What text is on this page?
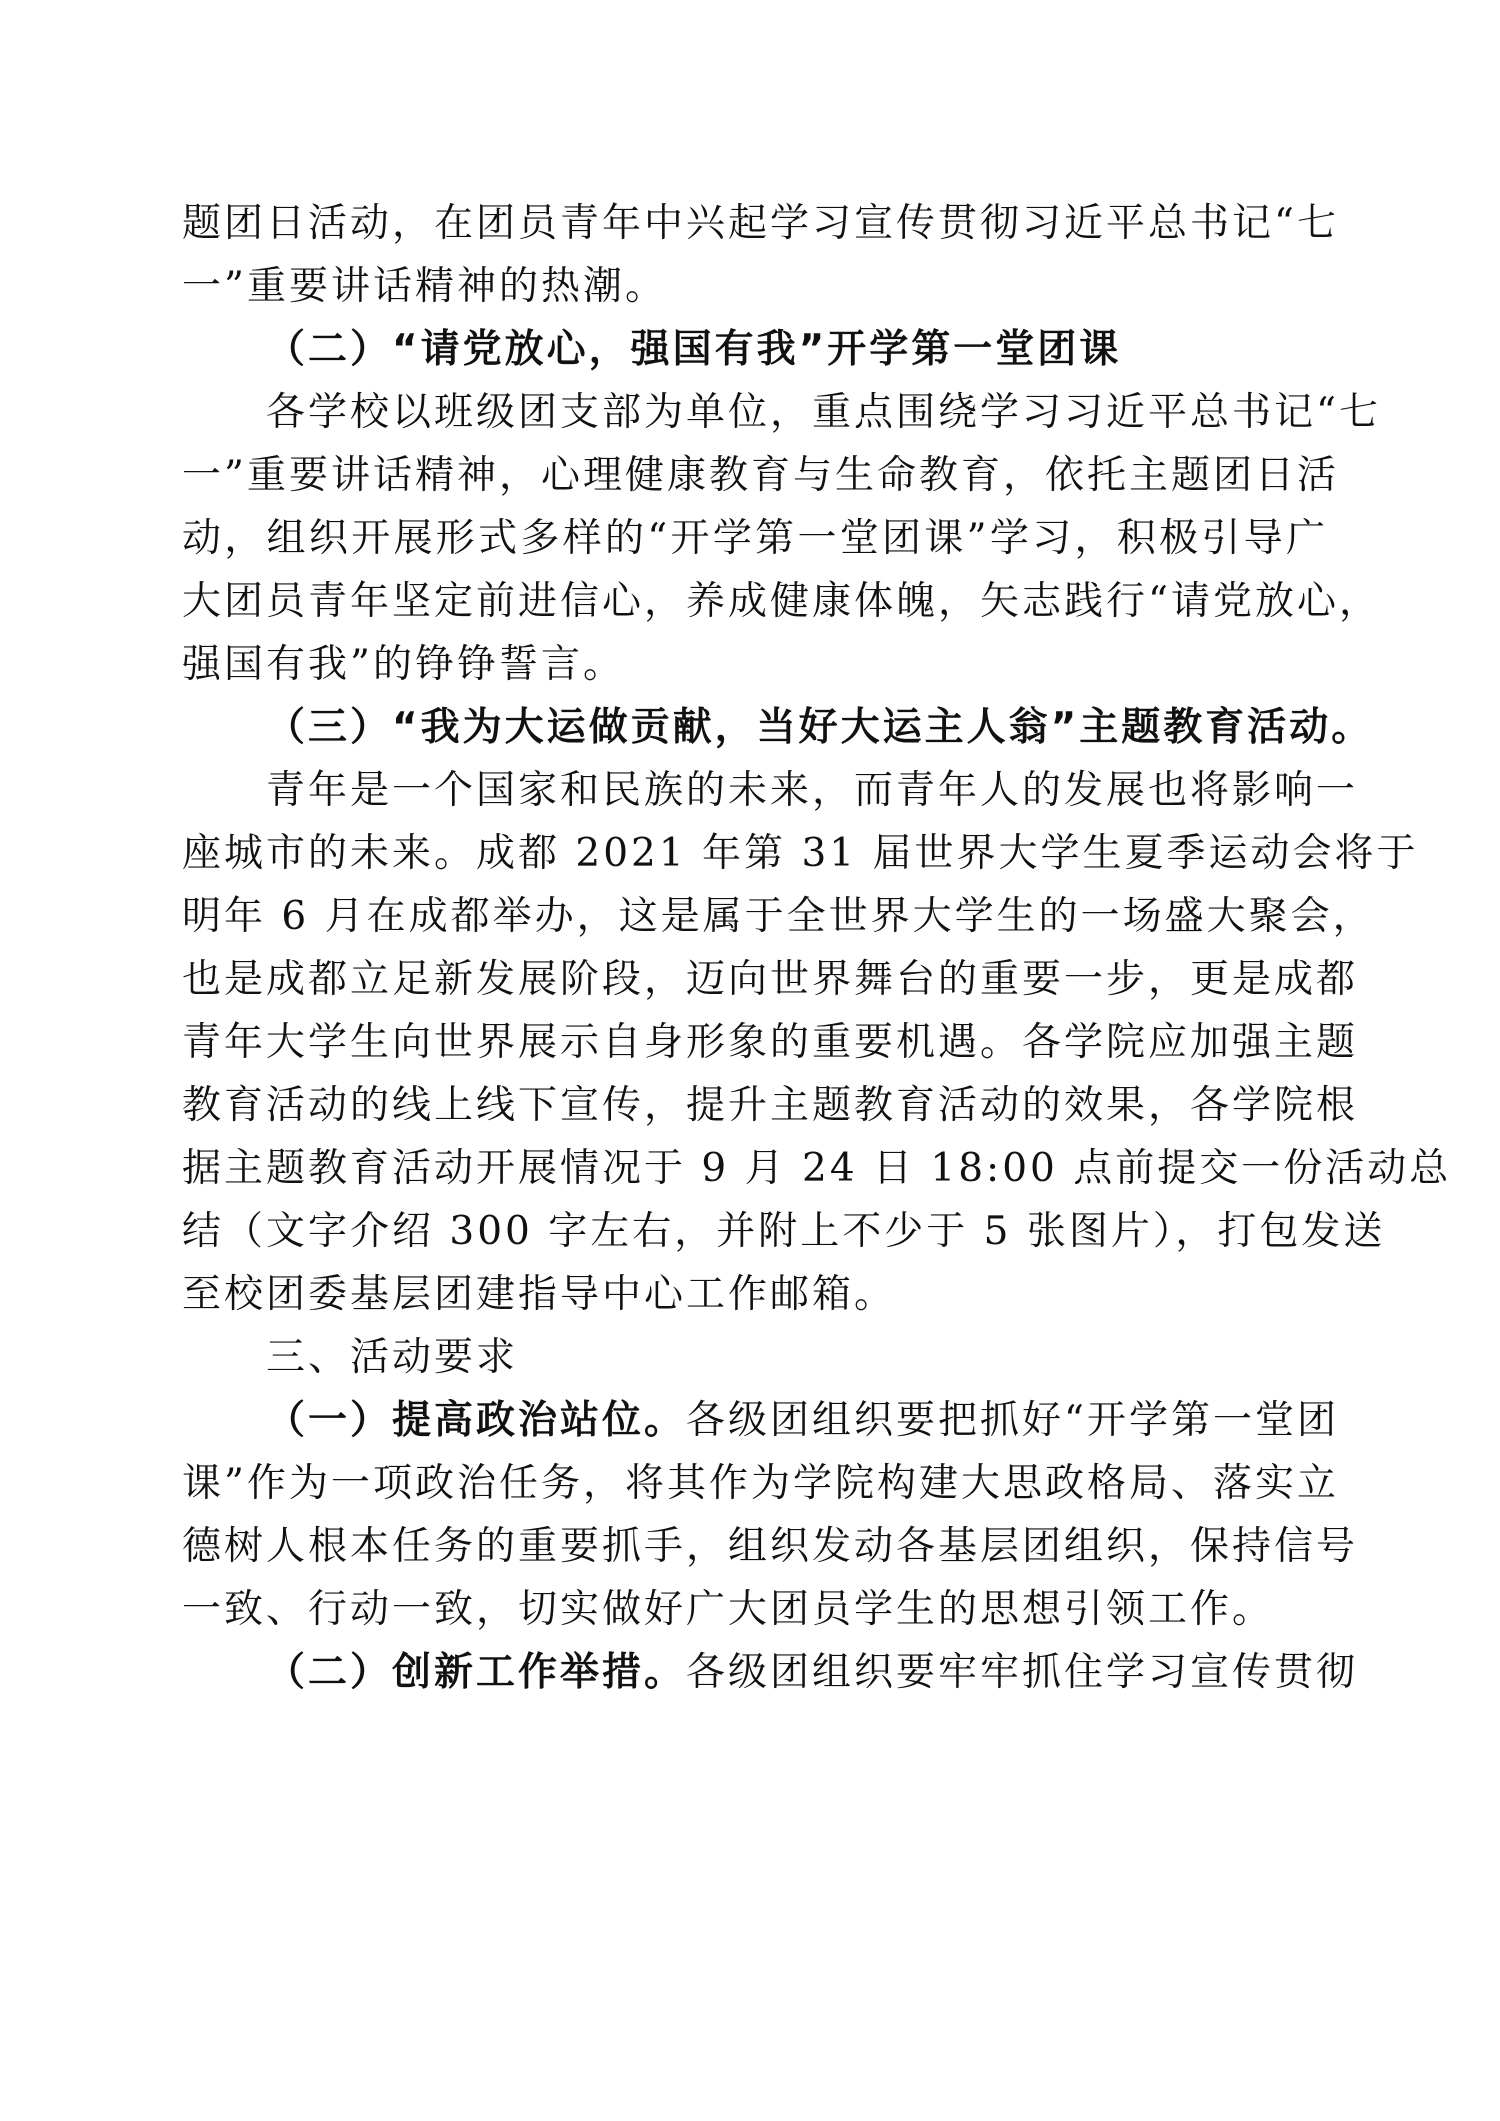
题团日活动，在团员青年中兴起学习宣传贯彻习近平总书记“七
一”重要讲话精神的热潮。
（二）“请党放心，强国有我”开学第一堂团课
各学校以班级团支部为单位，重点围绕学习习近平总书记“七
一”重要讲话精神，心理健康教育与生命教育，依托主题团日活
动，组织开展形式多样的“开学第一堂团课”学习，积极引导广
大团员青年坚定前进信心，养成健康体魄，矢志践行“请党放心，
强国有我”的铮铮誓言。
（三）“我为大运做贡献，当好大运主人翁”主题教育活动。
青年是一个国家和民族的未来，而青年人的发展也将影响一
座城市的未来。成都 2021 年第 31 届世界大学生夏季运动会将于
明年 6 月在成都举办，这是属于全世界大学生的一场盛大聚会，
也是成都立足新发展阶段，迈向世界舞台的重要一步，更是成都
青年大学生向世界展示自身形象的重要机遇。各学院应加强主题
教育活动的线上线下宣传，提升主题教育活动的效果，各学院根
据主题教育活动开展情况于 9 月 24 日 18:00 点前提交一份活动总
结（文字介绍 300 字左右，并附上不少于 5 张图片），打包发送
至校团委基层团建指导中心工作邮箱。
三、活动要求
（一）提高政治站位。各级团组织要把抓好“开学第一堂团
课”作为一项政治任务，将其作为学院构建大思政格局、落实立
德树人根本任务的重要抓手，组织发动各基层团组织，保持信号
一致、行动一致，切实做好广大团员学生的思想引领工作。
（二）创新工作举措。各级团组织要牢牢抓住学习宣传贯彻
